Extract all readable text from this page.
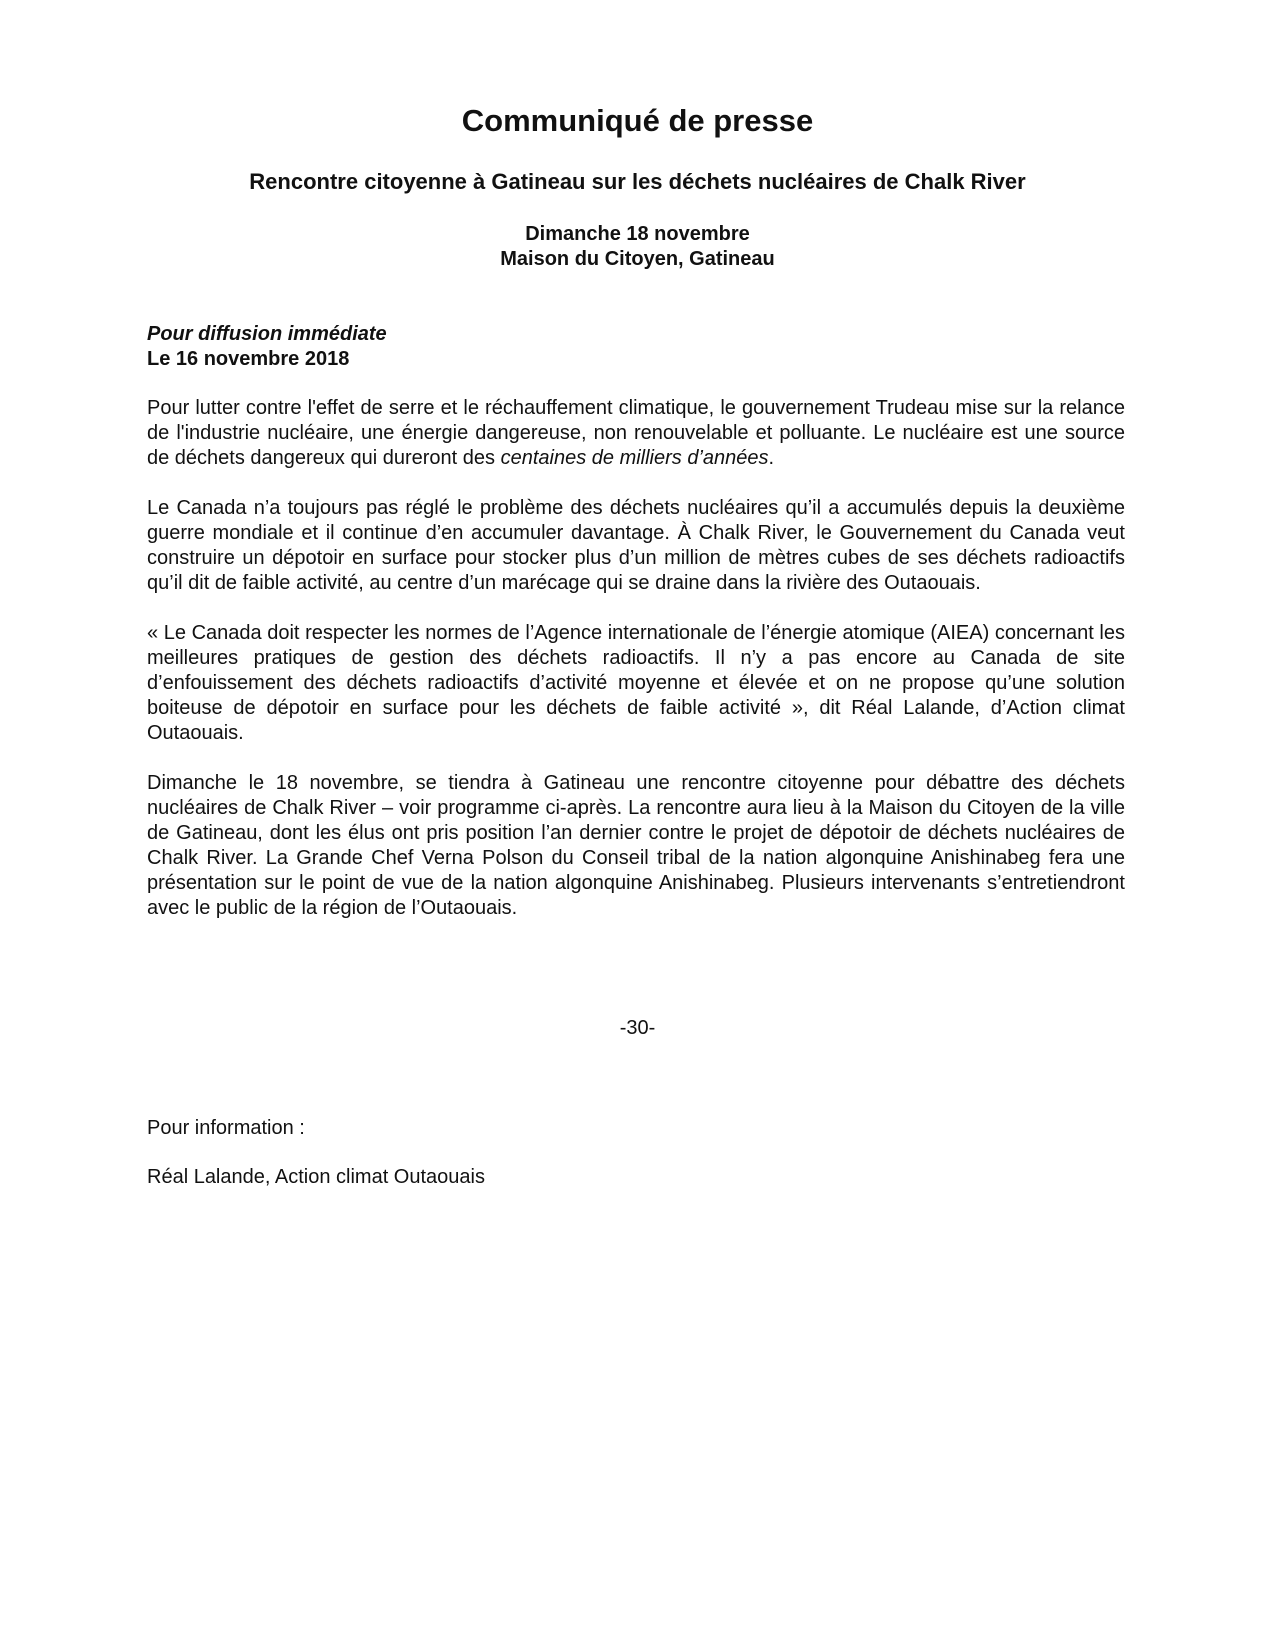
Communiqué de presse
Rencontre citoyenne à Gatineau sur les déchets nucléaires de Chalk River
Dimanche 18 novembre
Maison du Citoyen, Gatineau
Pour diffusion immédiate
Le 16 novembre 2018

Pour lutter contre l'effet de serre et le réchauffement climatique, le gouvernement Trudeau mise sur la relance de l'industrie nucléaire, une énergie dangereuse, non renouvelable et polluante. Le nucléaire est une source de déchets dangereux qui dureront des centaines de milliers d’années.

Le Canada n’a toujours pas réglé le problème des déchets nucléaires qu’il a accumulés depuis la deuxième guerre mondiale et il continue d’en accumuler davantage. À Chalk River, le Gouvernement du Canada veut construire un dépotoir en surface pour stocker plus d’un million de mètres cubes de ses déchets radioactifs qu’il dit de faible activité, au centre d’un marécage qui se draine dans la rivière des Outaouais.

« Le Canada doit respecter les normes de l’Agence internationale de l’énergie atomique (AIEA) concernant les meilleures pratiques de gestion des déchets radioactifs. Il n’y a pas encore au Canada de site d’enfouissement des déchets radioactifs d’activité moyenne et élevée et on ne propose qu’une solution boiteuse de dépotoir en surface pour les déchets de faible activité », dit Réal Lalande, d’Action climat Outaouais.

Dimanche le 18 novembre, se tiendra à Gatineau une rencontre citoyenne pour débattre des déchets nucléaires de Chalk River – voir programme ci-après. La rencontre aura lieu à la Maison du Citoyen de la ville de Gatineau, dont les élus ont pris position l’an dernier contre le projet de dépotoir de déchets nucléaires de Chalk River. La Grande Chef Verna Polson du Conseil tribal de la nation algonquine Anishinabeg fera une présentation sur le point de vue de la nation algonquine Anishinabeg. Plusieurs intervenants s’entretiendront avec le public de la région de l’Outaouais.

-30-
Pour information :
Réal Lalande, Action climat Outaouais
